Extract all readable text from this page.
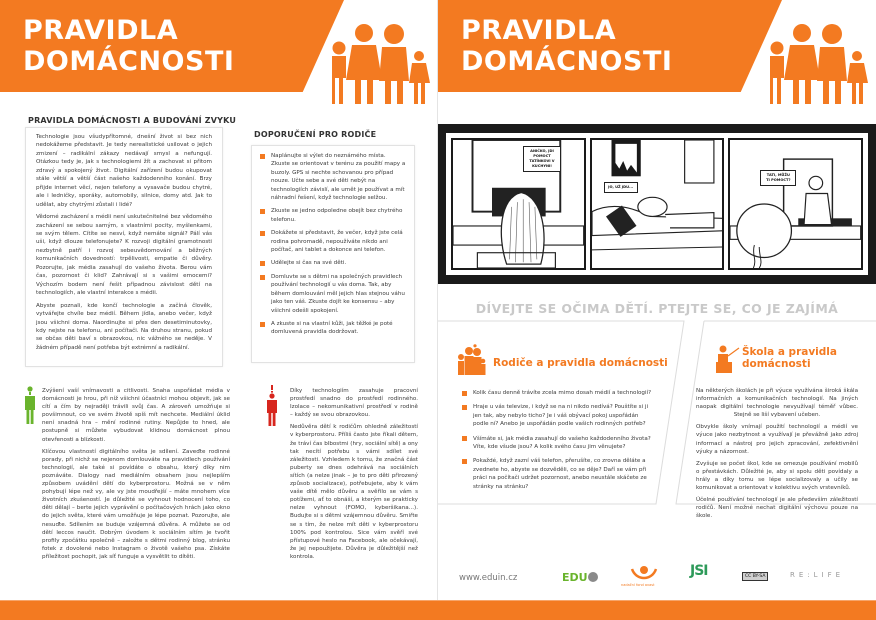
PRAVIDLA
DOMÁCNOSTI
PRAVIDLA DOMÁCNOSTI A BUDOVÁNÍ ZVYKU

Technologie jsou všudypřítomné, dnešní život si bez nich nedokážeme představit. Je tedy nerealistické usilovat o jejich zmizení – radikální zákazy nedávají smysl a nefungují. Otázkou tedy je, jak s technologiemi žít a zachovat si přitom zdravý a spokojený život. Digitální zařízení budou okupovat stále větší a větší část našeho každodenního konání. Brzy přijde internet věcí, nejen telefony a vysavače budou chytré, ale i ledničky, sporáky, automobily, silnice, domy atd. Jak to udělat, aby chytrými zůstali i lidé?

Vědomé zacházení s médii není uskutečnitelné bez vědomého zacházení se sebou samým, s vlastními pocity, myšlenkami, se svým tělem. Cítíte se nesví, když nemáte signál? Pálí vás uši, když dlouze telefonujete? K rozvoji digitální gramotnosti nezbytně patří i rozvoj sebeuvědomování a běžných komunikačních dovedností: trpělivosti, empatie či důvěry. Pozorujte, jak média zasahují do vašeho života. Berou vám čas, pozornost či klid? Zahrávají si s vašimi emocemi? Výchozím bodem není řešit případnou závislost dětí na technologiích, ale vlastní interakce s médii.

Abyste poznali, kde končí technologie a začíná člověk, vytvářejte chvíle bez médií. Během jídla, anebo večer, když jsou všichni doma. Naordinujte si přes den desetiminutovky, kdy nejste na telefonu, ani počítači. Na druhou stranu, pokud se občas děti baví s obrazovkou, nic vážného se neděje. V žádném případě není potřeba být extrémní a radikální.

DOPORUČENÍ PRO RODIČE
Naplánujte si výlet do neznámého místa. Zkuste se orientovat v terénu za použití mapy a buzoly. GPS si nechte schovanou pro případ nouze. Učte sebe a své děti nebýt na technologiích závislí, ale umět je používat a mít náhradní řešení, když technologie selžou.
Zkuste se jedno odpoledne obejít bez chytrého telefonu.
Dokážete si představit, že večer, když jste celá rodina pohromadě, nepoužíváte nikdo ani počítač, ani tablet a dokonce ani telefon.
Udělejte si čas na své děti.
Domluvte se s dětmi na společných pravidlech používání technologií u vás doma. Tak, aby během domlouvání měl jejich hlas stejnou váhu jako ten váš. Zkuste dojít ke konsensu – aby všichni odešli spokojení.
A zkuste si na vlastní kůži, jak těžké je poté domluvená pravidla dodržovat.

Zvýšení vaší vnímavosti a citlivosti. Snaha uspořádat média v domácnosti je hrou, při níž všichni účastníci mohou objevit, jak se cítí a čím by nejraději trávili svůj čas. A zároveň umožňuje si povšimnout, co ve svém životě spíš mít nechcete. Mediální úklid není snadná hra – mění rodinné rutiny. Nepůjde to hned, ale postupně si můžete vybudovat klidnou domácnost plnou otevřenosti a blízkosti.

Klíčovou vlastností digitálního světa je sdílení. Zaveďte rodinné porady, při nichž se nejenom domlouváte na pravidlech používání technologií, ale také si povídáte o obsahu, který díky nim poznáváte. Dialogy nad mediálním obsahem jsou nejlepším způsobem uvádění dětí do kyberprostoru. Možná se v něm pohybují lépe než vy, ale vy jste moudřejší – máte mnohem více životních zkušeností. Je důležité se vyhnout hodnocení toho, co děti dělají – berte jejich vyprávění o počítačových hrách jako okno do jejich světa, které vám umožňuje je lépe poznat. Pozorujte, ale nesuďte. Sdílením se buduje vzájemná důvěra. A můžete se od dětí leccos naučit. Dobrým úvodem k sociálním sítím je tvořit profily zpočátku společně – založte s dětmi rodinný blog, stránku fotek z dovolené nebo Instagram o životě vašeho psa. Získáte příležitost pochopit, jak síť funguje a vysvětlit to dítěti.

Díky technologiím zasahuje pracovní prostředí snadno do prostředí rodinného. Izolace – nekomunikativní prostředí v rodině – každý se svou obrazovkou.

Nedůvěra dětí k rodičům ohledně záležitostí v kyberprostoru. Příliš často jste říkali dětem, že tráví čas blbostmi (hry, sociální sítě) a ony tak necítí potřebu s vámi sdílet své záležitosti. Vzhledem k tomu, že značná část puberty se dnes odehrává na sociálních sítích (a nelze jinak – je to pro děti přirozený způsob socializace), potřebujete, aby k vám vaše dítě mělo důvěru a svěřilo se vám s potížemi, ať to obnáší, a kterým se prakticky nelze vyhnout (FOMO, kyberšikana...). Budujte si s dětmi vzájemnou důvěru. Smiřte se s tím, že nelze mít děti v kyberprostoru 100% pod kontrolou. Sice vám svěří své přístupové heslo na Facebook, ale očekávají, že jej nepoužijete. Důvěra je důležitější než kontrola.

PRAVIDLA
DOMÁCNOSTI
ANIČKO, JDI POMOCT TATÍNKOVI V KUCHYNI!
JO, UŽ JDU...
TATI, MŮŽU TI POMOCT?
DÍVEJTE SE OČIMA DĚTÍ. PTEJTE SE, CO JE ZAJÍMÁ
Rodiče a pravidla domácnosti
Kolik času denně trávíte zcela mimo dosah médií a technologií?
Hraje u vás televize, i když se na ni nikdo nedívá? Pouštíte si ji jen tak, aby nebylo ticho? Je i váš obývací pokoj uspořádán podle ní? Anebo je uspořádán podle vašich rodinných potřeb?
Všímáte si, jak média zasahují do vašeho každodenního života? Víte, kde všude jsou? A kolik svého času jim věnujete?
Pokaždé, když zazní váš telefon, přerušíte, co zrovna děláte a zvednete ho, abyste se dozvěděli, co se děje? Daří se vám při práci na počítači udržet pozornost, anebo neustále skáčete ze stránky na stránku?
Škola a pravidla
domácnosti

Na některých školách je při výuce využívána široká škála informačních a komunikačních technologií. Na jiných naopak digitální technologie nevyužívají téměř vůbec. Stejně se liší vybavení učeben.

Obvykle školy vnímají použití technologií a médií ve výuce jako nezbytnost a využívají je převážně jako zdroj informací a nástroj pro jejich zpracování, zefektivnění výuky a názornost.

Zvyšuje se počet škol, kde se omezuje používání mobilů o přestávkách. Důležité je, aby si spolu děti povídaly a hrály a díky tomu se lépe socializovaly a učily se komunikovat a orientovat v kolektivu svých vrstevníků.

Účelné používání technologií je ale především záležitostí rodičů. Není možné nechat digitální výchovu pouze na škole.

www.eduin.cz	EDU
nadační fond avast
JSI	CC BY-SA	RE:LIFE
